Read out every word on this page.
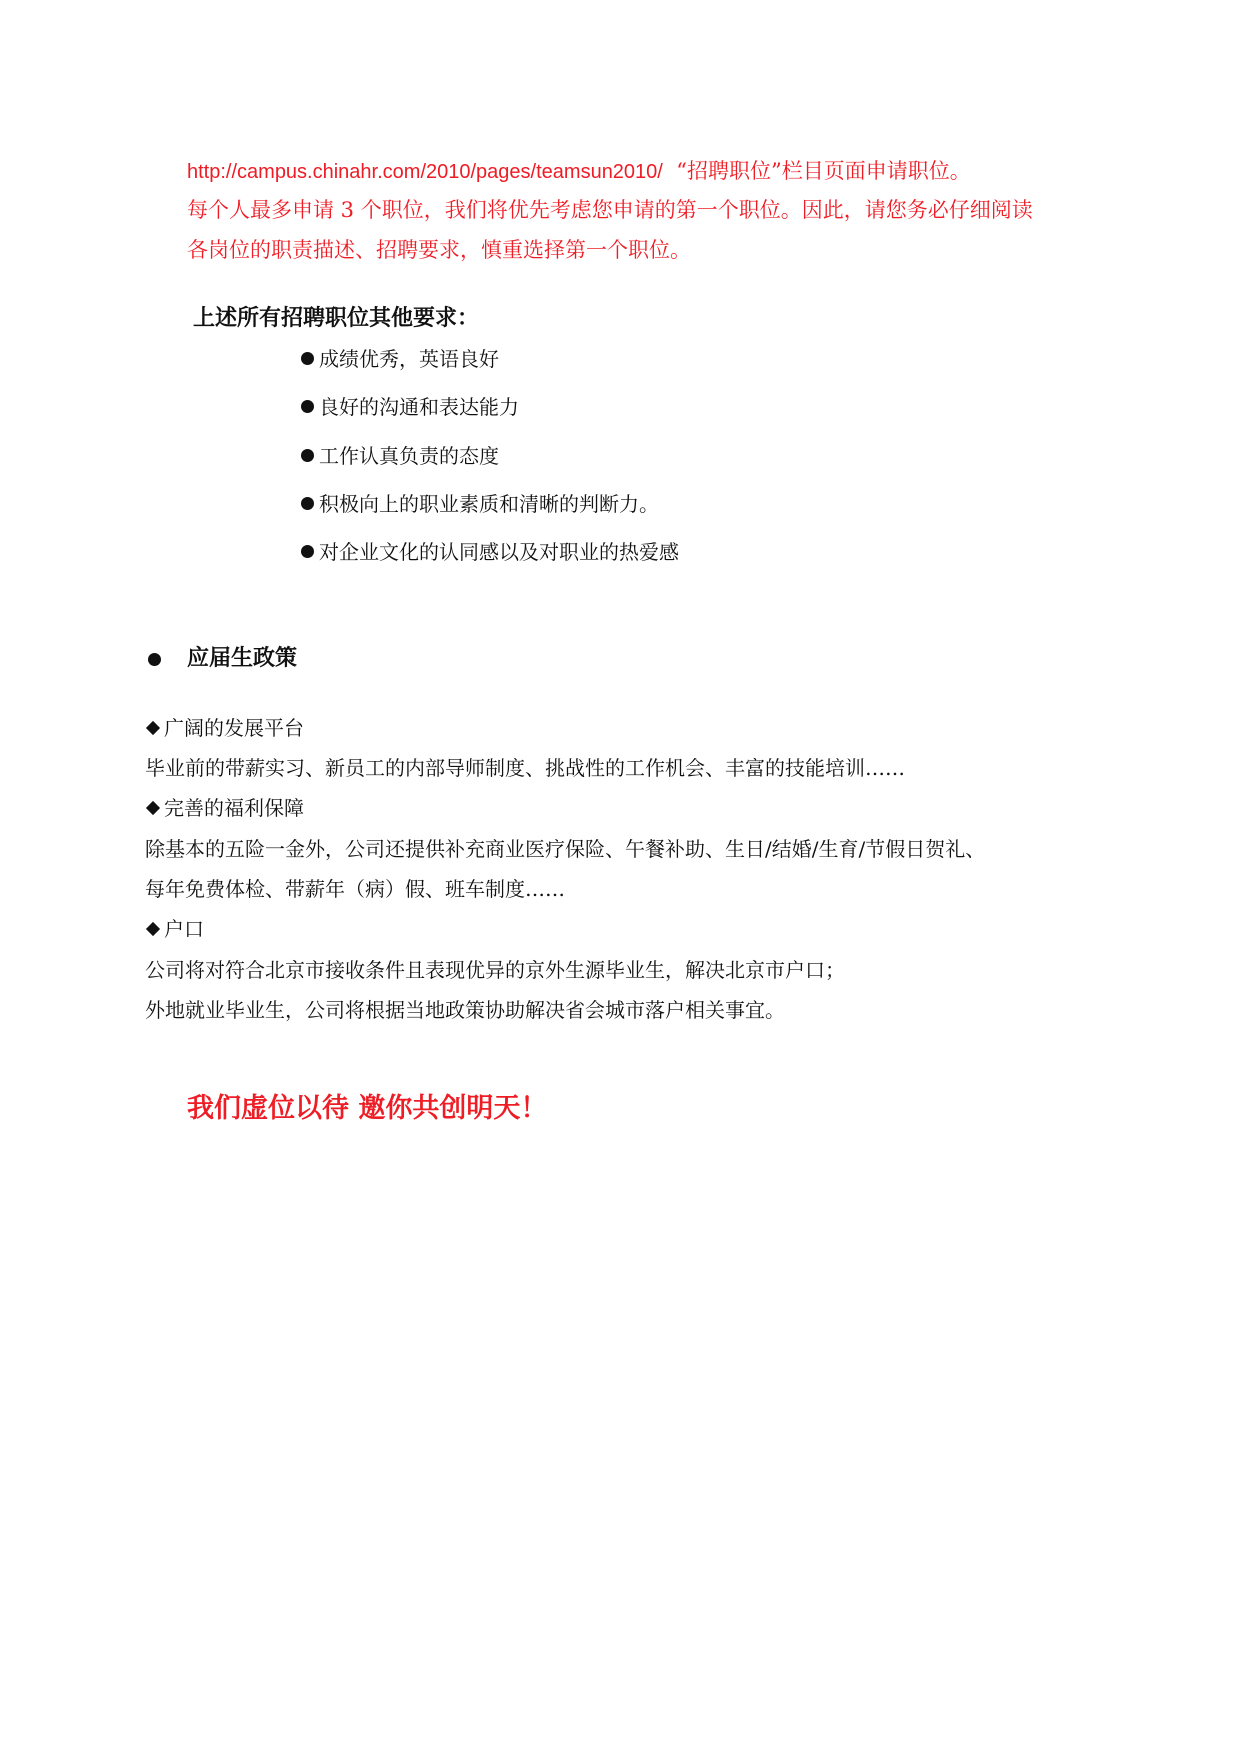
http://campus.chinahr.com/2010/pages/teamsun2010/ “招聘职位”栏目页面申请职位。
每个人最多申请 3 个职位，我们将优先考虑您申请的第一个职位。因此，请您务必仔细阅读
各岗位的职责描述、招聘要求，慎重选择第一个职位。
上述所有招聘职位其他要求：
成绩优秀，英语良好
良好的沟通和表达能力
工作认真负责的态度
积极向上的职业素质和清晰的判断力。
对企业文化的认同感以及对职业的热爱感
应届生政策
广阔的发展平台
毕业前的带薪实习、新员工的内部导师制度、挑战性的工作机会、丰富的技能培训……
完善的福利保障
除基本的五险一金外，公司还提供补充商业医疗保险、午餐补助、生日/结婚/生育/节假日贺礼、
每年免费体检、带薪年（病）假、班车制度……
户口
公司将对符合北京市接收条件且表现优异的京外生源毕业生，解决北京市户口；
外地就业毕业生，公司将根据当地政策协助解决省会城市落户相关事宜。
我们虚位以待 邀你共创明天！
